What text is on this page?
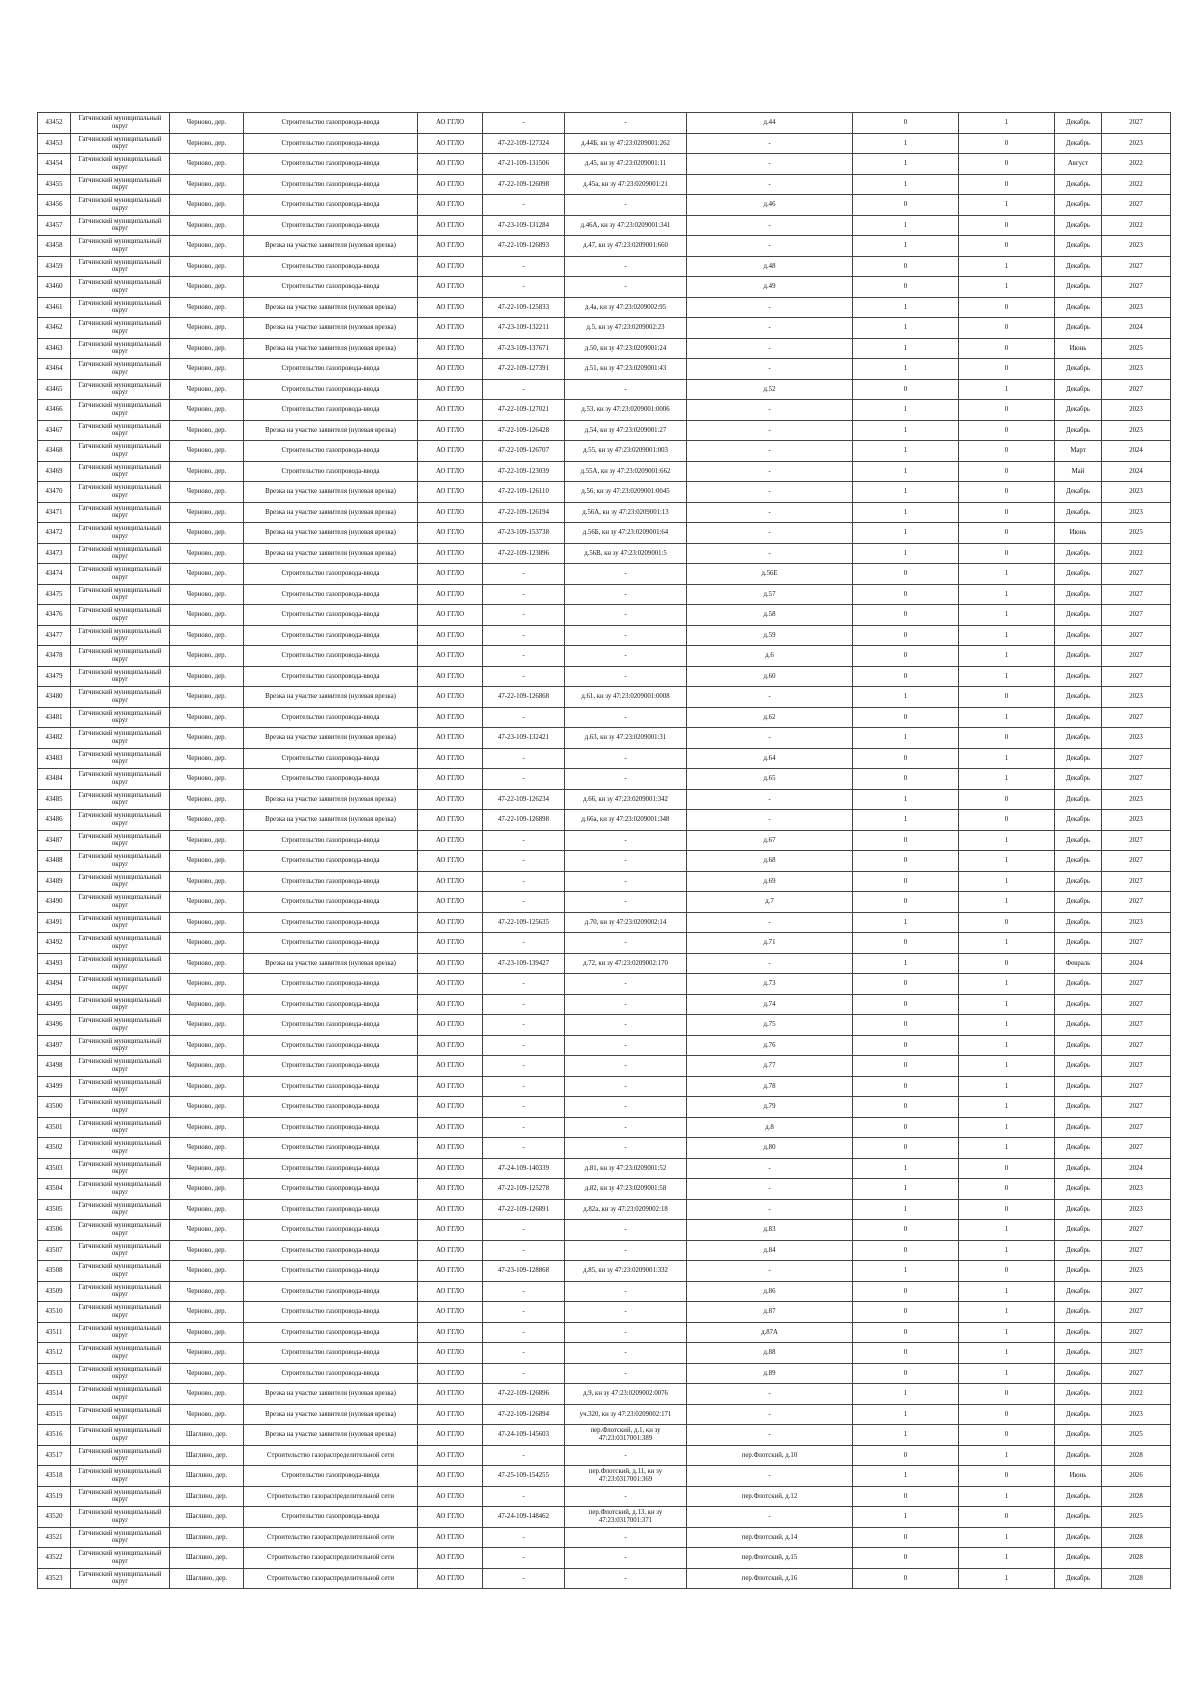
43452	Гатчинский муниципальный округ	Черново, дер.	Строительство газопровода-ввода	АО ГГЛО	-	-	д.44	0	1	Декабрь	2027
43453	Гатчинский муниципальный округ	Черново, дер.	Строительство газопровода-ввода	АО ГГЛО	47-22-109-127324	д.44Б, кн зу 47:23:0209001:262	-	1	0	Декабрь	2023
43454	Гатчинский муниципальный округ	Черново, дер.	Строительство газопровода-ввода	АО ГГЛО	47-21-109-131506	д.45, кн зу 47:23:0209001:11	-	1	0	Август	2022
43455	Гатчинский муниципальный округ	Черново, дер.	Строительство газопровода-ввода	АО ГГЛО	47-22-109-126098	д.45а, кн зу 47:23:0209001:21	-	1	0	Декабрь	2022
43456	Гатчинский муниципальный округ	Черново, дер.	Строительство газопровода-ввода	АО ГГЛО	-	-	д.46	0	1	Декабрь	2027
43457	Гатчинский муниципальный округ	Черново, дер.	Строительство газопровода-ввода	АО ГГЛО	47-23-109-131284	д.46А, кн зу 47:23:0209001:341	-	1	0	Декабрь	2022
43458	Гатчинский муниципальный округ	Черново, дер.	Врезка на участке заявителя (нулевая врезка)	АО ГГЛО	47-22-109-126893	д.47, кн зу 47:23:0209001:660	-	1	0	Декабрь	2023
43459	Гатчинский муниципальный округ	Черново, дер.	Строительство газопровода-ввода	АО ГГЛО	-	-	д.48	0	1	Декабрь	2027
43460	Гатчинский муниципальный округ	Черново, дер.	Строительство газопровода-ввода	АО ГГЛО	-	-	д.49	0	1	Декабрь	2027
43461	Гатчинский муниципальный округ	Черново, дер.	Врезка на участке заявителя (нулевая врезка)	АО ГГЛО	47-22-109-125833	д.4а, кн зу 47:23:0209002:95	-	1	0	Декабрь	2023
43462	Гатчинский муниципальный округ	Черново, дер.	Врезка на участке заявителя (нулевая врезка)	АО ГГЛО	47-23-109-132211	д.5, кн зу 47:23:0209002:23	-	1	0	Декабрь	2024
43463	Гатчинский муниципальный округ	Черново, дер.	Врезка на участке заявителя (нулевая врезка)	АО ГГЛО	47-23-109-137671	д.50, кн зу 47:23:0209001:24	-	1	0	Июнь	2025
43464	Гатчинский муниципальный округ	Черново, дер.	Строительство газопровода-ввода	АО ГГЛО	47-22-109-127391	д.51, кн зу 47:23:0209001:43	-	1	0	Декабрь	2023
43465	Гатчинский муниципальный округ	Черново, дер.	Строительство газопровода-ввода	АО ГГЛО	-	-	д.52	0	1	Декабрь	2027
43466	Гатчинский муниципальный округ	Черново, дер.	Строительство газопровода-ввода	АО ГГЛО	47-22-109-127021	д.53, кн зу 47:23:0209001:0006	-	1	0	Декабрь	2023
43467	Гатчинский муниципальный округ	Черново, дер.	Врезка на участке заявителя (нулевая врезка)	АО ГГЛО	47-22-109-126428	д.54, кн зу 47:23:0209001:27	-	1	0	Декабрь	2023
43468	Гатчинский муниципальный округ	Черново, дер.	Строительство газопровода-ввода	АО ГГЛО	47-22-109-126707	д.55, кн зу 47:23:0209001:003	-	1	0	Март	2024
43469	Гатчинский муниципальный округ	Черново, дер.	Строительство газопровода-ввода	АО ГГЛО	47-22-109-123039	д.55А, кн зу 47:23:0209001:662	-	1	0	Май	2024
43470	Гатчинский муниципальный округ	Черново, дер.	Врезка на участке заявителя (нулевая врезка)	АО ГГЛО	47-22-109-126110	д.56, кн зу 47:23:0209001:0045	-	1	0	Декабрь	2023
43471	Гатчинский муниципальный округ	Черново, дер.	Врезка на участке заявителя (нулевая врезка)	АО ГГЛО	47-22-109-126194	д.56А, кн зу 47:23:0209001:13	-	1	0	Декабрь	2023
43472	Гатчинский муниципальный округ	Черново, дер.	Врезка на участке заявителя (нулевая врезка)	АО ГГЛО	47-23-109-153738	д.56Б, кн зу 47:23:0209001:64	-	1	0	Июнь	2025
43473	Гатчинский муниципальный округ	Черново, дер.	Врезка на участке заявителя (нулевая врезка)	АО ГГЛО	47-22-109-123896	д.56В, кн зу 47:23:0209001:5	-	1	0	Декабрь	2022
43474	Гатчинский муниципальный округ	Черново, дер.	Строительство газопровода-ввода	АО ГГЛО	-	-	д.56Е	0	1	Декабрь	2027
43475	Гатчинский муниципальный округ	Черново, дер.	Строительство газопровода-ввода	АО ГГЛО	-	-	д.57	0	1	Декабрь	2027
43476	Гатчинский муниципальный округ	Черново, дер.	Строительство газопровода-ввода	АО ГГЛО	-	-	д.58	0	1	Декабрь	2027
43477	Гатчинский муниципальный округ	Черново, дер.	Строительство газопровода-ввода	АО ГГЛО	-	-	д.59	0	1	Декабрь	2027
43478	Гатчинский муниципальный округ	Черново, дер.	Строительство газопровода-ввода	АО ГГЛО	-	-	д.6	0	1	Декабрь	2027
43479	Гатчинский муниципальный округ	Черново, дер.	Строительство газопровода-ввода	АО ГГЛО	-	-	д.60	0	1	Декабрь	2027
43480	Гатчинский муниципальный округ	Черново, дер.	Врезка на участке заявителя (нулевая врезка)	АО ГГЛО	47-22-109-126868	д.61, кн зу 47:23:0209001:0008	-	1	0	Декабрь	2023
43481	Гатчинский муниципальный округ	Черново, дер.	Строительство газопровода-ввода	АО ГГЛО	-	-	д.62	0	1	Декабрь	2027
43482	Гатчинский муниципальный округ	Черново, дер.	Врезка на участке заявителя (нулевая врезка)	АО ГГЛО	47-23-109-132421	д.63, кн зу 47:23:0209001:31	-	1	0	Декабрь	2023
43483	Гатчинский муниципальный округ	Черново, дер.	Строительство газопровода-ввода	АО ГГЛО	-	-	д.64	0	1	Декабрь	2027
43484	Гатчинский муниципальный округ	Черново, дер.	Строительство газопровода-ввода	АО ГГЛО	-	-	д.65	0	1	Декабрь	2027
43485	Гатчинский муниципальный округ	Черново, дер.	Врезка на участке заявителя (нулевая врезка)	АО ГГЛО	47-22-109-126234	д.66, кн зу 47:23:0209001:342	-	1	0	Декабрь	2023
43486	Гатчинский муниципальный округ	Черново, дер.	Врезка на участке заявителя (нулевая врезка)	АО ГГЛО	47-22-109-126898	д.66а, кн зу 47:23:0209001:348	-	1	0	Декабрь	2023
43487	Гатчинский муниципальный округ	Черново, дер.	Строительство газопровода-ввода	АО ГГЛО	-	-	д.67	0	1	Декабрь	2027
43488	Гатчинский муниципальный округ	Черново, дер.	Строительство газопровода-ввода	АО ГГЛО	-	-	д.68	0	1	Декабрь	2027
43489	Гатчинский муниципальный округ	Черново, дер.	Строительство газопровода-ввода	АО ГГЛО	-	-	д.69	0	1	Декабрь	2027
43490	Гатчинский муниципальный округ	Черново, дер.	Строительство газопровода-ввода	АО ГГЛО	-	-	д.7	0	1	Декабрь	2027
43491	Гатчинский муниципальный округ	Черново, дер.	Строительство газопровода-ввода	АО ГГЛО	47-22-109-125635	д.70, кн зу 47:23:0209002:14	-	1	0	Декабрь	2023
43492	Гатчинский муниципальный округ	Черново, дер.	Строительство газопровода-ввода	АО ГГЛО	-	-	д.71	0	1	Декабрь	2027
43493	Гатчинский муниципальный округ	Черново, дер.	Врезка на участке заявителя (нулевая врезка)	АО ГГЛО	47-23-109-139427	д.72, кн зу 47:23:0209002:170	-	1	0	Февраль	2024
43494	Гатчинский муниципальный округ	Черново, дер.	Строительство газопровода-ввода	АО ГГЛО	-	-	д.73	0	1	Декабрь	2027
43495	Гатчинский муниципальный округ	Черново, дер.	Строительство газопровода-ввода	АО ГГЛО	-	-	д.74	0	1	Декабрь	2027
43496	Гатчинский муниципальный округ	Черново, дер.	Строительство газопровода-ввода	АО ГГЛО	-	-	д.75	0	1	Декабрь	2027
43497	Гатчинский муниципальный округ	Черново, дер.	Строительство газопровода-ввода	АО ГГЛО	-	-	д.76	0	1	Декабрь	2027
43498	Гатчинский муниципальный округ	Черново, дер.	Строительство газопровода-ввода	АО ГГЛО	-	-	д.77	0	1	Декабрь	2027
43499	Гатчинский муниципальный округ	Черново, дер.	Строительство газопровода-ввода	АО ГГЛО	-	-	д.78	0	1	Декабрь	2027
43500	Гатчинский муниципальный округ	Черново, дер.	Строительство газопровода-ввода	АО ГГЛО	-	-	д.79	0	1	Декабрь	2027
43501	Гатчинский муниципальный округ	Черново, дер.	Строительство газопровода-ввода	АО ГГЛО	-	-	д.8	0	1	Декабрь	2027
43502	Гатчинский муниципальный округ	Черново, дер.	Строительство газопровода-ввода	АО ГГЛО	-	-	д.80	0	1	Декабрь	2027
43503	Гатчинский муниципальный округ	Черново, дер.	Строительство газопровода-ввода	АО ГГЛО	47-24-109-140339	д.81, кн зу 47:23:0209001:52	-	1	0	Декабрь	2024
43504	Гатчинский муниципальный округ	Черново, дер.	Строительство газопровода-ввода	АО ГГЛО	47-22-109-125278	д.82, кн зу 47:23:0209001:58	-	1	0	Декабрь	2023
43505	Гатчинский муниципальный округ	Черново, дер.	Строительство газопровода-ввода	АО ГГЛО	47-22-109-126891	д.82а, кн зу 47:23:0209002:18	-	1	0	Декабрь	2023
43506	Гатчинский муниципальный округ	Черново, дер.	Строительство газопровода-ввода	АО ГГЛО	-	-	д.83	0	1	Декабрь	2027
43507	Гатчинский муниципальный округ	Черново, дер.	Строительство газопровода-ввода	АО ГГЛО	-	-	д.84	0	1	Декабрь	2027
43508	Гатчинский муниципальный округ	Черново, дер.	Строительство газопровода-ввода	АО ГГЛО	47-23-109-128868	д.85, кн зу 47:23:0209001:332	-	1	0	Декабрь	2023
43509	Гатчинский муниципальный округ	Черново, дер.	Строительство газопровода-ввода	АО ГГЛО	-	-	д.86	0	1	Декабрь	2027
43510	Гатчинский муниципальный округ	Черново, дер.	Строительство газопровода-ввода	АО ГГЛО	-	-	д.87	0	1	Декабрь	2027
43511	Гатчинский муниципальный округ	Черново, дер.	Строительство газопровода-ввода	АО ГГЛО	-	-	д.87А	0	1	Декабрь	2027
43512	Гатчинский муниципальный округ	Черново, дер.	Строительство газопровода-ввода	АО ГГЛО	-	-	д.88	0	1	Декабрь	2027
43513	Гатчинский муниципальный округ	Черново, дер.	Строительство газопровода-ввода	АО ГГЛО	-	-	д.89	0	1	Декабрь	2027
43514	Гатчинский муниципальный округ	Черново, дер.	Врезка на участке заявителя (нулевая врезка)	АО ГГЛО	47-22-109-126896	д.9, кн зу 47:23:0209002:0076	-	1	0	Декабрь	2022
43515	Гатчинский муниципальный округ	Черново, дер.	Врезка на участке заявителя (нулевая врезка)	АО ГГЛО	47-22-109-126894	уч.320, кн зу 47:23:0209002:171	-	1	0	Декабрь	2023
43516	Гатчинский муниципальный округ	Шаглино, дер.	Врезка на участке заявителя (нулевая врезка)	АО ГГЛО	47-24-109-145603	пер.Флотский, д.1, кн зу 47:23:0317001:389	-	1	0	Декабрь	2025
43517	Гатчинский муниципальный округ	Шаглино, дер.	Строительство газораспределительной сети	АО ГГЛО	-	-	пер.Флотский, д.10	0	1	Декабрь	2028
43518	Гатчинский муниципальный округ	Шаглино, дер.	Строительство газопровода-ввода	АО ГГЛО	47-25-109-154255	пер.Флотский, д.11, кн зу 47:23:0317001:369	-	1	0	Июнь	2026
43519	Гатчинский муниципальный округ	Шаглино, дер.	Строительство газораспределительной сети	АО ГГЛО	-	-	пер.Флотский, д.12	0	1	Декабрь	2028
43520	Гатчинский муниципальный округ	Шаглино, дер.	Строительство газопровода-ввода	АО ГГЛО	47-24-109-148462	пер.Флотский, д.13, кн зу 47:23:0317001:371	-	1	0	Декабрь	2025
43521	Гатчинский муниципальный округ	Шаглино, дер.	Строительство газораспределительной сети	АО ГГЛО	-	-	пер.Флотский, д.14	0	1	Декабрь	2028
43522	Гатчинский муниципальный округ	Шаглино, дер.	Строительство газораспределительной сети	АО ГГЛО	-	-	пер.Флотский, д.15	0	1	Декабрь	2028
43523	Гатчинский муниципальный округ	Шаглино, дер.	Строительство газораспределительной сети	АО ГГЛО	-	-	пер.Флотский, д.16	0	1	Декабрь	2028
